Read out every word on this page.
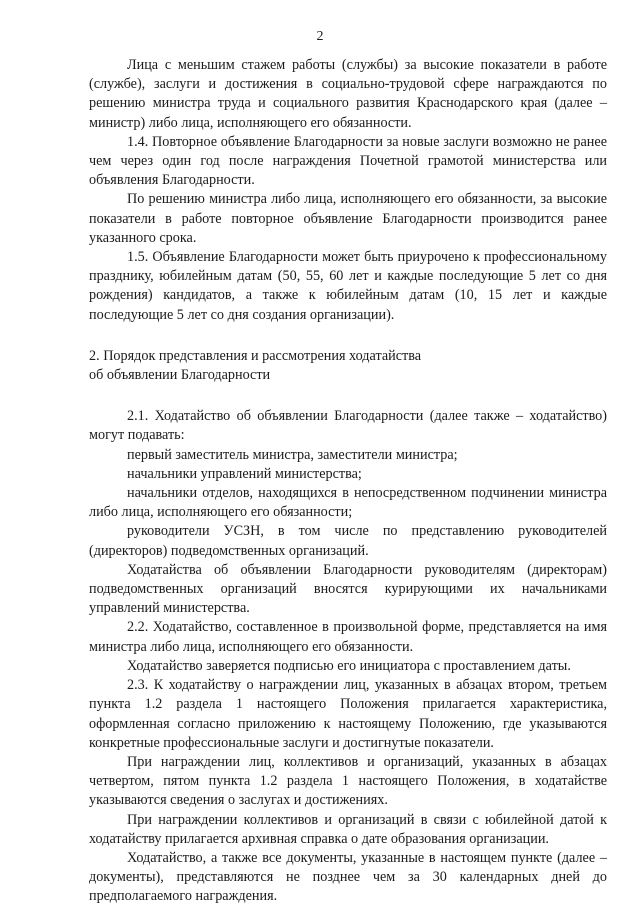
2

Лица с меньшим стажем работы (службы) за высокие показатели в работе (службе), заслуги и достижения в социально-трудовой сфере награждаются по решению министра труда и социального развития Краснодарского края (далее – министр) либо лица, исполняющего его обязанности.

1.4. Повторное объявление Благодарности за новые заслуги возможно не ранее чем через один год после награждения Почетной грамотой министерства или объявления Благодарности.

По решению министра либо лица, исполняющего его обязанности, за высокие показатели в работе повторное объявление Благодарности производится ранее указанного срока.

1.5. Объявление Благодарности может быть приурочено к профессиональному празднику, юбилейным датам (50, 55, 60 лет и каждые последующие 5 лет со дня рождения) кандидатов, а также к юбилейным датам (10, 15 лет и каждые последующие 5 лет со дня создания организации).

2. Порядок представления и рассмотрения ходатайства
об объявлении Благодарности

2.1. Ходатайство об объявлении Благодарности (далее также – ходатайство) могут подавать:

первый заместитель министра, заместители министра;

начальники управлений министерства;

начальники отделов, находящихся в непосредственном подчинении министра либо лица, исполняющего его обязанности;

руководители УСЗН, в том числе по представлению руководителей (директоров) подведомственных организаций.

Ходатайства об объявлении Благодарности руководителям (директорам) подведомственных организаций вносятся курирующими их начальниками управлений министерства.

2.2. Ходатайство, составленное в произвольной форме, представляется на имя министра либо лица, исполняющего его обязанности.

Ходатайство заверяется подписью его инициатора с проставлением даты.

2.3. К ходатайству о награждении лиц, указанных в абзацах втором, третьем пункта 1.2 раздела 1 настоящего Положения прилагается характеристика, оформленная согласно приложению к настоящему Положению, где указываются конкретные профессиональные заслуги и достигнутые показатели.

При награждении лиц, коллективов и организаций, указанных в абзацах четвертом, пятом пункта 1.2 раздела 1 настоящего Положения, в ходатайстве указываются сведения о заслугах и достижениях.

При награждении коллективов и организаций в связи с юбилейной датой к ходатайству прилагается архивная справка о дате образования организации.

Ходатайство, а также все документы, указанные в настоящем пункте (далее – документы), представляются не позднее чем за 30 календарных дней до предполагаемого награждения.
